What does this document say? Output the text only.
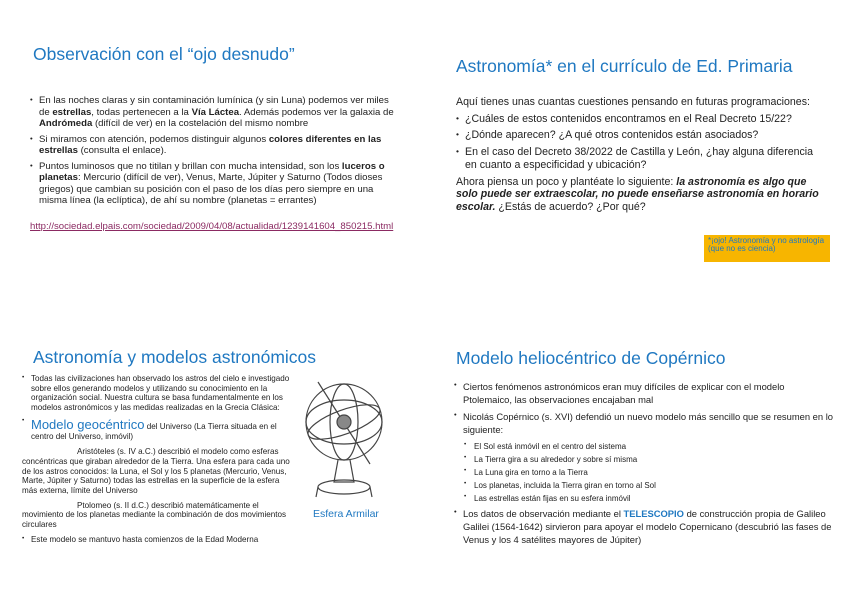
Observación con el “ojo desnudo”
• En las noches claras y sin contaminación lumínica (y sin Luna) podemos ver miles de estrellas, todas pertenecen a la Vía Láctea. Además podemos ver la galaxia de Andrómeda (difícil de ver) en la costelación del mismo nombre
• Si miramos con atención, podemos distinguir algunos colores diferentes en las estrellas (consulta el enlace).
• Puntos luminosos que no titilan y brillan con mucha intensidad, son los luceros o planetas: Mercurio (difícil de ver), Venus, Marte, Júpiter y Saturno (Todos dioses griegos) que cambian su posición con el paso de los días pero siempre en una misma línea (la eclíptica), de ahí su nombre (planetas = errantes)
http://sociedad.elpais.com/sociedad/2009/04/08/actualidad/1239141604_850215.html
Astronomía* en el currículo de Ed. Primaria
Aquí tienes unas cuantas cuestiones pensando en futuras programaciones:
• ¿Cuáles de estos contenidos encontramos en el Real Decreto 15/22?
• ¿Dónde aparecen? ¿A qué otros contenidos están asociados?
• En el caso del Decreto 38/2022 de Castilla y León, ¿hay alguna diferencia en cuanto a especificidad y ubicación?
Ahora piensa un poco y plantéate lo siguiente: la astronomía es algo que solo puede ser extraescolar, no puede enseñarse astronomía en horario escolar. ¿Estás de acuerdo? ¿Por qué?
*¡ojo! Astronomía y no astrología (que no es ciencia)
Astronomía y modelos astronómicos
• Todas las civilizaciones han observado los astros del cielo e investigado sobre ellos generando modelos y utilizando su conocimiento en la organización social. Nuestra cultura se basa fundamentalmente en los modelos astronómicos y las medidas realizadas en la Grecia Clásica:
• Modelo geocéntrico del Universo (La Tierra situada en el centro del Universo, inmóvil)
Aristóteles (s. IV a.C.) describió el modelo como esferas concéntricas que giraban alrededor de la Tierra. Una esfera para cada uno de los astros conocidos: la Luna, el Sol y los 5 planetas (Mercurio, Venus, Marte, Júpiter y Saturno) todas las estrellas en la superficie de la esfera más externa, límite del Universo
Ptolomeo (s. II d.C.) describió matemáticamente el movimiento de los planetas mediante la combinación de dos movimientos circulares
• Este modelo se mantuvo hasta comienzos de la Edad Moderna
Esfera Armilar
Modelo heliocéntrico de Copérnico
• Ciertos fenómenos astronómicos eran muy difíciles de explicar con el modelo Ptolemaico, las observaciones encajaban mal
• Nicolás Copérnico (s. XVI) defendió un nuevo modelo más sencillo que se resumen en lo siguiente:
• El Sol está inmóvil en el centro del sistema
• La Tierra gira a su alrededor y sobre sí misma
• La Luna gira en torno a la Tierra
• Los planetas, incluida la Tierra giran en torno al Sol
• Las estrellas están fijas en su esfera inmóvil
• Los datos de observación mediante el TELESCOPIO de construcción propia de Galileo Galilei (1564-1642) sirvieron para apoyar el modelo Copernicano (descubrió las fases de Venus y los 4 satélites mayores de Júpiter)
